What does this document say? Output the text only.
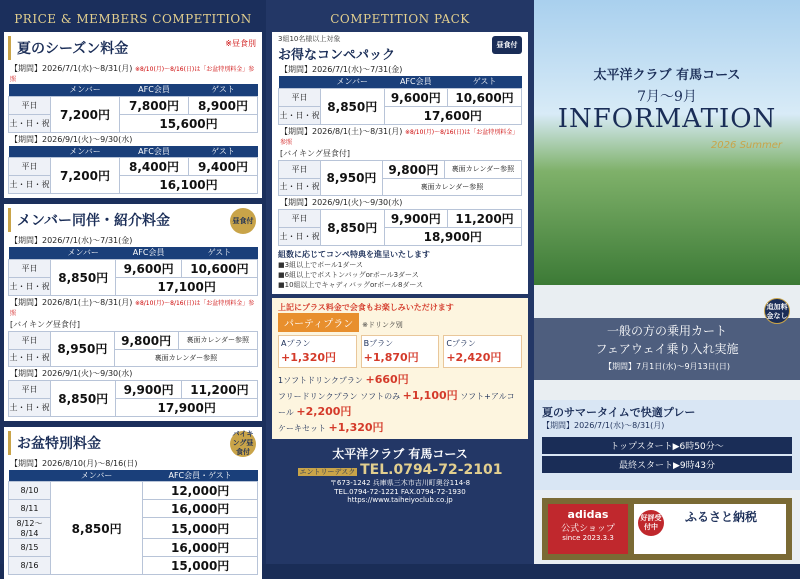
PRICE & MEMBERS COMPETITION
夏のシーズン料金	※昼食別
【期間】2026/7/1(水)～8/31(月) ※8/10(月)～8/16(日)は「お盆特別料金」参照
	メンバー	AFC会員	ゲスト
平日	7,200円	7,800円	8,900円
土・日・祝		15,600円	
【期間】2026/9/1(火)～9/30(水)
	メンバー	AFC会員	ゲスト
平日	7,200円	8,400円	9,400円
土・日・祝		16,100円	
メンバー同伴・紹介料金	昼食付
【期間】2026/7/1(水)～7/31(金)
	メンバー	AFC会員	ゲスト
平日	8,850円	9,600円	10,600円
土・日・祝		17,100円	
【期間】2026/8/1(土)～8/31(月) ※8/10(月)～8/16(日)は「お盆特別料金」参照
[バイキング昼食付]
平日	8,950円	9,800円	裏面カレンダー参照
土・日・祝		裏面カレンダー参照	
【期間】2026/9/1(火)～9/30(水)
平日	8,850円	9,900円	11,200円
土・日・祝		17,900円	
お盆特別料金
バイキング昼食付
【期間】2026/8/10(月)～8/16(日)
	メンバー	AFC会員・ゲスト
8/10	8,850円	12,000円
8/11		16,000円
8/12～8/14		15,000円
8/15		16,000円
8/16		15,000円
COMPETITION PACK
3組10名様以上対象
お得なコンペパック
昼食付
【期間】2026/7/1(水)～7/31(金)
	メンバー	AFC会員	ゲスト
平日	8,850円	9,600円	10,600円
土・日・祝		17,600円	
【期間】2026/8/1(土)～8/31(月) ※8/10(月)～8/16(日)は「お盆特別料金」参照
[バイキング昼食付]
平日	8,950円	9,800円	裏面カレンダー参照
土・日・祝		裏面カレンダー参照	
【期間】2026/9/1(火)～9/30(水)
平日	8,850円	9,900円	11,200円
土・日・祝		18,900円	
組数に応じてコンペ特典を進呈いたします
■3組以上でボール1ダース
■6組以上でボストンバッグorボール3ダース
■10組以上でキャディバッグorボール8ダース
上記にプラス料金で会食もお楽しみいただけます
パーティプラン ※ドリンク別
Aプラン
+1,320円
Bプラン
+1,870円
Cプラン
+2,420円
1ソフトドリンクプラン +660円
フリードリンクプラン ソフトのみ +1,100円 ソフト+アルコール +2,200円
ケーキセット +1,320円
太平洋クラブ 有馬コース
エントリーデスク TEL.0794-72-2101
〒673-1242 兵庫県三木市吉川町奥谷114-8
TEL.0794-72-1221 FAX.0794-72-1930
https://www.taiheiyoclub.co.jp
太平洋クラブ 有馬コース
7月～9月
INFORMATION
2026 Summer
一般の方の乗用カート
フェアウェイ乗り入れ実施
【期間】7月1日(水)～9月13日(日)
追加料金なし
夏のサマータイムで快適プレー
【期間】2026/7/1(水)～8/31(月)
トップスタート▶6時50分～
最終スタート▶9時43分
adidas
公式ショップ
since 2023.3.3
好評受付中
ふるさと納税
